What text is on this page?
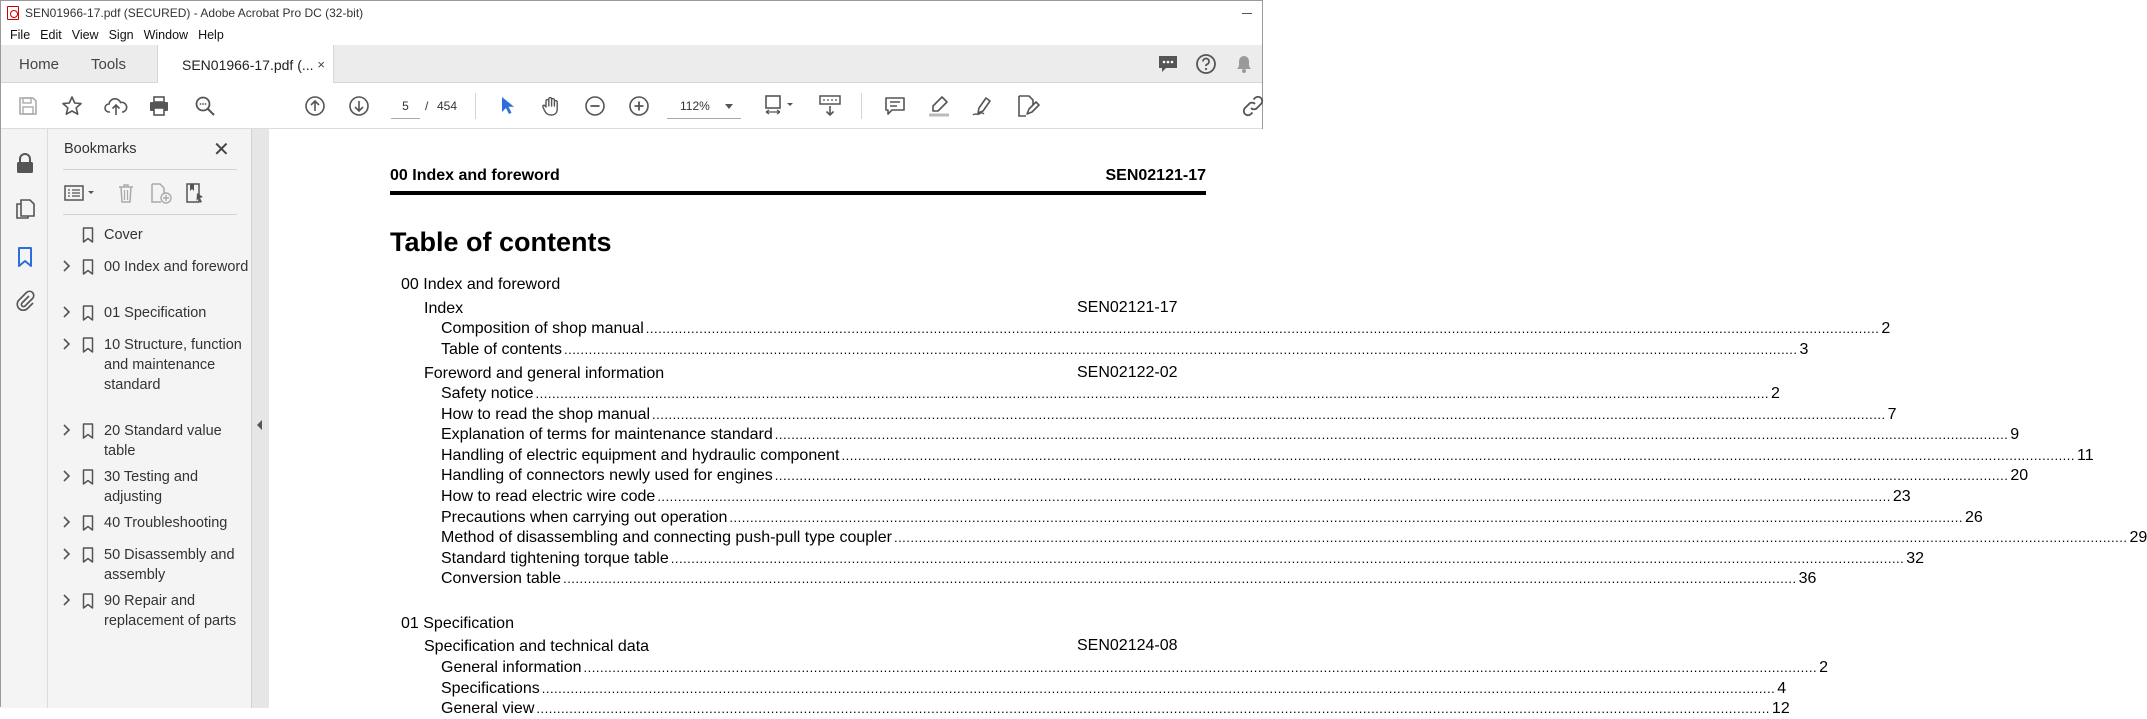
SEN01966-17.pdf (SECURED) - Adobe Acrobat Pro DC (32-bit)
File Edit View Sign Window Help
Home Tools	SEN01966-17.pdf (... ×
5	/ 454	112%
Bookmarks	✕
Cover
00 Index and foreword
01 Specification
10 Structure, function and maintenance standard
20 Standard value table
30 Testing and adjusting
40 Troubleshooting
50 Disassembly and assembly
90 Repair and replacement of parts
00 Index and foreword	SEN02121-17
Table of contents
00 Index and foreword
Index	SEN02121-17
Composition of shop manual ............................................................................................................................................................................................................................................................................................................ 2
Table of contents ............................................................................................................................................................................................................................................................................................................ 3
Foreword and general information	SEN02122-02
Safety notice ............................................................................................................................................................................................................................................................................................................ 2
How to read the shop manual ............................................................................................................................................................................................................................................................................................................ 7
Explanation of terms for maintenance standard ............................................................................................................................................................................................................................................................................................................ 9
Handling of electric equipment and hydraulic component ............................................................................................................................................................................................................................................................................................................ 11
Handling of connectors newly used for engines ............................................................................................................................................................................................................................................................................................................ 20
How to read electric wire code ............................................................................................................................................................................................................................................................................................................ 23
Precautions when carrying out operation ............................................................................................................................................................................................................................................................................................................ 26
Method of disassembling and connecting push-pull type coupler ............................................................................................................................................................................................................................................................................................................ 29
Standard tightening torque table ............................................................................................................................................................................................................................................................................................................ 32
Conversion table ............................................................................................................................................................................................................................................................................................................ 36
01 Specification
Specification and technical data	SEN02124-08
General information ............................................................................................................................................................................................................................................................................................................ 2
Specifications ............................................................................................................................................................................................................................................................................................................ 4
General view ............................................................................................................................................................................................................................................................................................................ 12
